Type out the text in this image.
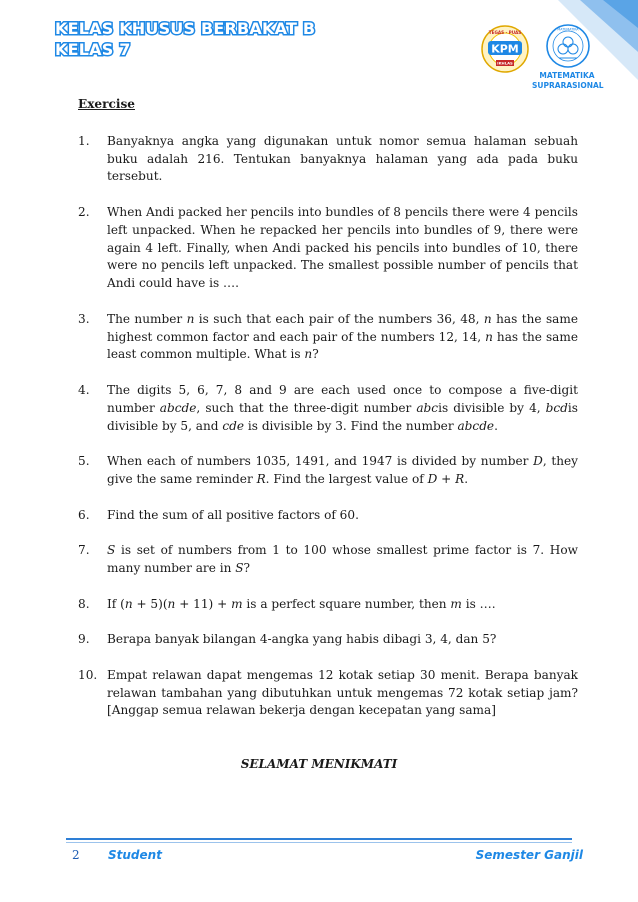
KELAS KHUSUS BERBAKAT B
KELAS 7
TEGAS · PUAS
KPM
IKHLAS
MATEMATIKA
MATEMATIKA
SUPRARASIONAL
Exercise
1. Banyaknya angka yang digunakan untuk nomor semua halaman sebuah buku adalah 216. Tentukan banyaknya halaman yang ada pada buku tersebut.
2. When Andi packed her pencils into bundles of 8 pencils there were 4 pencils left unpacked. When he repacked her pencils into bundles of 9, there were again 4 left. Finally, when Andi packed his pencils into bundles of 10, there were no pencils left unpacked. The smallest possible number of pencils that Andi could have is ….
3. The number 𝑛 is such that each pair of the numbers 36, 48, 𝑛 has the same highest common factor and each pair of the numbers 12, 14, 𝑛 has the same least common multiple. What is 𝑛?
4. The digits 5, 6, 7, 8 and 9 are each used once to compose a five-digit number 𝑎𝑏𝑐𝑑𝑒, such that the three-digit number 𝑎𝑏𝑐is divisible by 4, 𝑏𝑐𝑑is divisible by 5, and 𝑐𝑑𝑒 is divisible by 3. Find the number 𝑎𝑏𝑐𝑑𝑒.
5. When each of numbers 1035, 1491, and 1947 is divided by number 𝐷, they give the same reminder 𝑅. Find the largest value of 𝐷 + 𝑅.
6. Find the sum of all positive factors of 60.
7. 𝑆 is set of numbers from 1 to 100 whose smallest prime factor is 7. How many number are in 𝑆?
8. If (𝑛 + 5)(𝑛 + 11) + 𝑚 is a perfect square number, then 𝑚 is ….
9. Berapa banyak bilangan 4-angka yang habis dibagi 3, 4, dan 5?
10. Empat relawan dapat mengemas 12 kotak setiap 30 menit. Berapa banyak relawan tambahan yang dibutuhkan untuk mengemas 72 kotak setiap jam? [Anggap semua relawan bekerja dengan kecepatan yang sama]
SELAMAT MENIKMATI
2 Student	Semester Ganjil
